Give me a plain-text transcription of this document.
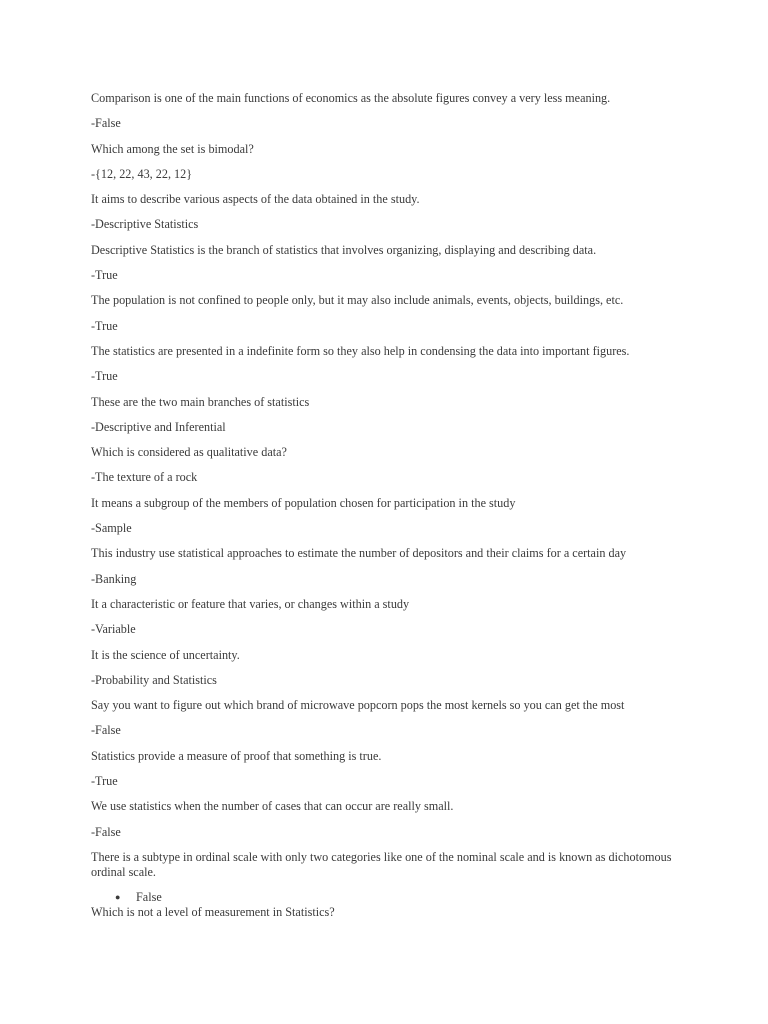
Comparison is one of the main functions of economics as the absolute figures convey a very less meaning.
-False
Which among the set is bimodal?
-{12, 22, 43, 22, 12}
It aims to describe various aspects of the data obtained in the study.
-Descriptive Statistics
Descriptive Statistics is the branch of statistics that involves organizing, displaying and describing data.
-True
The population is not confined to people only, but it may also include animals, events, objects, buildings, etc.
-True
The statistics are presented in a indefinite form so they also help in condensing the data into important figures.
-True
These are the two main branches of statistics
-Descriptive and Inferential
Which is considered as qualitative data?
-The texture of a rock
It means a subgroup of the members of population chosen for participation in the study
-Sample
This industry use statistical approaches to estimate the number of depositors and their claims for a certain day
-Banking
It a characteristic or feature that varies, or changes within a study
-Variable
It is the science of uncertainty.
-Probability and Statistics
Say you want to figure out which brand of microwave popcorn pops the most kernels so you can get the most
-False
Statistics provide a measure of proof that something is true.
-True
We use statistics when the number of cases that can occur are really small.
-False
There is a subtype in ordinal scale with only two categories like one of the nominal scale and is known as dichotomous ordinal scale.
● False
Which is not a level of measurement in Statistics?
